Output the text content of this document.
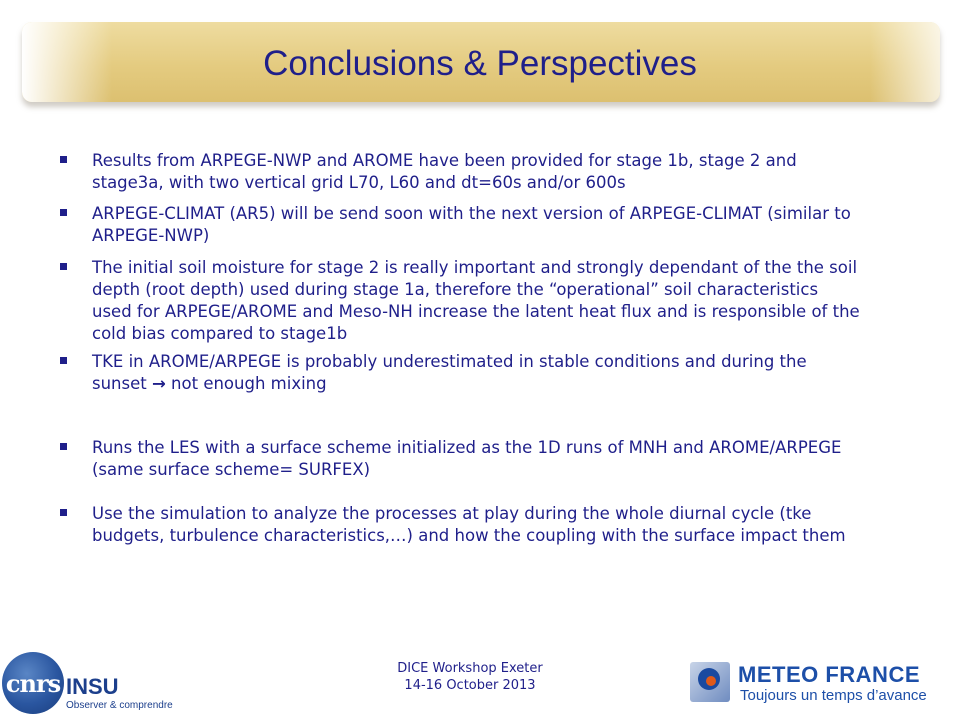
Conclusions & Perspectives
Results from ARPEGE-NWP and AROME have been provided for stage 1b, stage 2 and stage3a, with two vertical grid L70, L60 and dt=60s and/or 600s
ARPEGE-CLIMAT (AR5) will be send soon with the next version of ARPEGE-CLIMAT (similar to ARPEGE-NWP)
The initial soil moisture for stage 2 is really important and strongly dependant of the the soil depth (root depth) used during stage 1a, therefore the “operational” soil characteristics used for ARPEGE/AROME and Meso-NH increase the latent heat flux and is responsible of the cold bias compared to stage1b
TKE in AROME/ARPEGE is probably underestimated in stable conditions and during the sunset → not enough mixing
Runs the LES with a surface scheme initialized as the 1D runs of MNH and AROME/ARPEGE (same surface scheme= SURFEX)
Use the simulation to analyze the processes at play during the whole diurnal cycle (tke budgets, turbulence characteristics,…) and how the coupling with the surface impact them
cnrs INSU
Observer & comprendre
DICE Workshop Exeter
14-16 October 2013	METEO FRANCE
Toujours un temps d’avance
